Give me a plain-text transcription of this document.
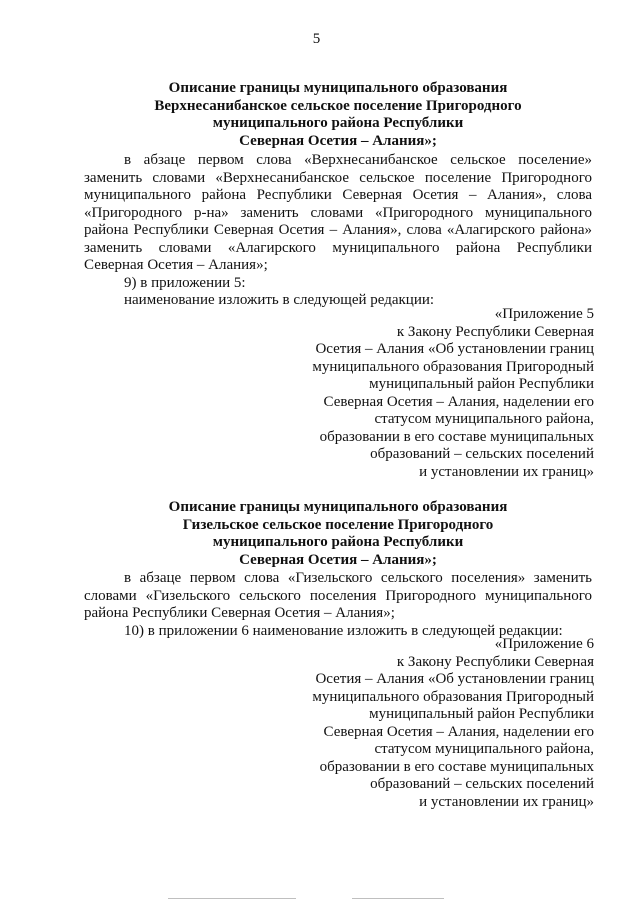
5
Описание границы муниципального образования
Верхнесанибанское сельское поселение Пригородного
муниципального района Республики
Северная Осетия – Алания»;
в абзаце первом слова «Верхнесанибанское сельское поселение»
заменить словами «Верхнесанибанское сельское поселение Пригородного
муниципального района Республики Северная Осетия – Алания», слова
«Пригородного р-на» заменить словами «Пригородного муниципального
района Республики Северная Осетия – Алания», слова «Алагирского района»
заменить словами «Алагирского муниципального района Республики
Северная Осетия – Алания»;
9) в приложении 5:
наименование изложить в следующей редакции:
«Приложение 5
к Закону Республики Северная
Осетия – Алания «Об установлении границ
муниципального образования Пригородный
муниципальный район Республики
Северная Осетия – Алания, наделении его
статусом муниципального района,
образовании в его составе муниципальных
образований – сельских поселений
и установлении их границ»
Описание границы муниципального образования
Гизельское сельское поселение Пригородного
муниципального района Республики
Северная Осетия – Алания»;
в абзаце первом слова «Гизельского сельского поселения» заменить
словами «Гизельского сельского поселения Пригородного муниципального
района Республики Северная Осетия – Алания»;
10) в приложении 6 наименование изложить в следующей редакции:
«Приложение 6
к Закону Республики Северная
Осетия – Алания «Об установлении границ
муниципального образования Пригородный
муниципальный район Республики
Северная Осетия – Алания, наделении его
статусом муниципального района,
образовании в его составе муниципальных
образований – сельских поселений
и установлении их границ»
